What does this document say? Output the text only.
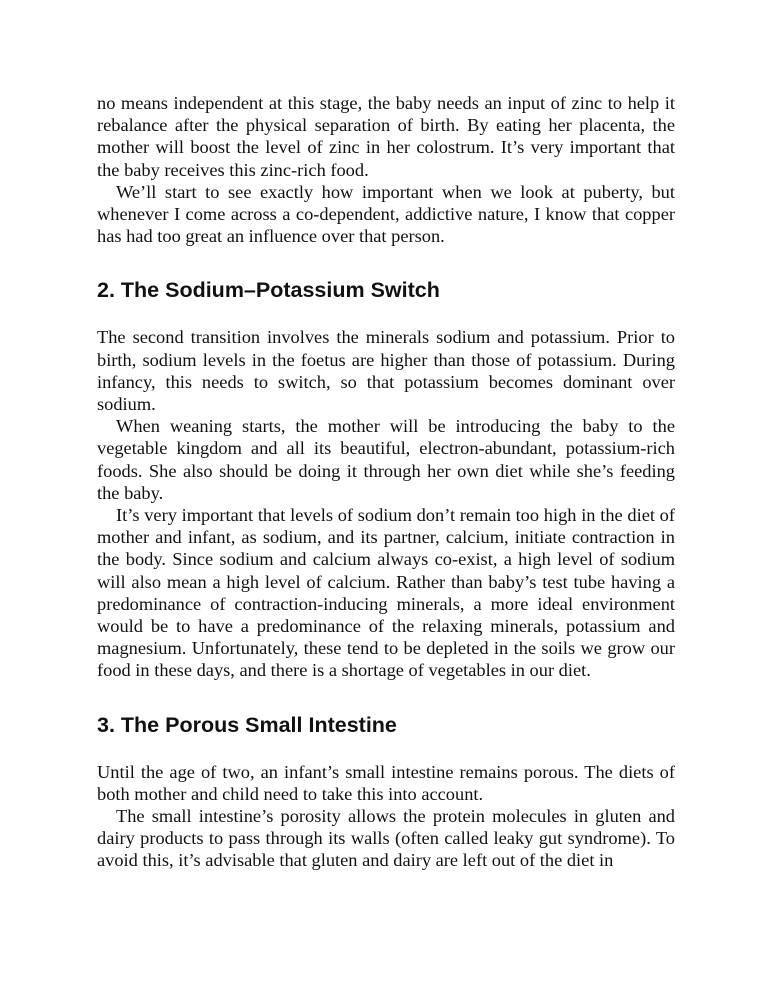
no means independent at this stage, the baby needs an input of zinc to help it rebalance after the physical separation of birth. By eating her placenta, the mother will boost the level of zinc in her colostrum. It’s very important that the baby receives this zinc-rich food.

We’ll start to see exactly how important when we look at puberty, but whenever I come across a co-dependent, addictive nature, I know that copper has had too great an influence over that person.

2. The Sodium–Potassium Switch

The second transition involves the minerals sodium and potassium. Prior to birth, sodium levels in the foetus are higher than those of potassium. During infancy, this needs to switch, so that potassium becomes dominant over sodium.

When weaning starts, the mother will be introducing the baby to the vegetable kingdom and all its beautiful, electron-abundant, potassium-rich foods. She also should be doing it through her own diet while she’s feeding the baby.

It’s very important that levels of sodium don’t remain too high in the diet of mother and infant, as sodium, and its partner, calcium, initiate contraction in the body. Since sodium and calcium always co-exist, a high level of sodium will also mean a high level of calcium. Rather than baby’s test tube having a predominance of contraction-inducing minerals, a more ideal environment would be to have a predominance of the relaxing minerals, potassium and magnesium. Unfortunately, these tend to be depleted in the soils we grow our food in these days, and there is a shortage of vegetables in our diet.

3. The Porous Small Intestine

Until the age of two, an infant’s small intestine remains porous. The diets of both mother and child need to take this into account.

The small intestine’s porosity allows the protein molecules in gluten and dairy products to pass through its walls (often called leaky gut syndrome). To avoid this, it’s advisable that gluten and dairy are left out of the diet in
